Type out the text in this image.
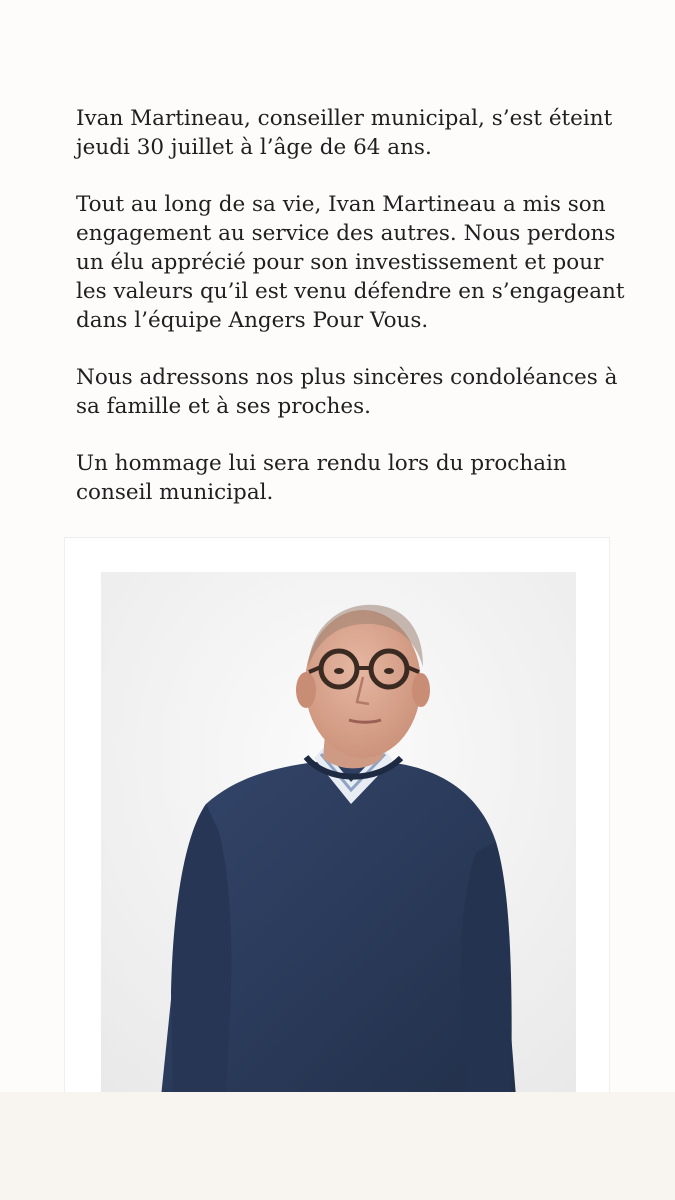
Ivan Martineau, conseiller municipal, s’est éteint jeudi 30 juillet à l’âge de 64 ans.

Tout au long de sa vie, Ivan Martineau a mis son engagement au service des autres. Nous perdons un élu apprécié pour son investissement et pour les valeurs qu’il est venu défendre en s’engageant dans l’équipe Angers Pour Vous.

Nous adressons nos plus sincères condoléances à sa famille et à ses proches.

Un hommage lui sera rendu lors du prochain conseil municipal.
